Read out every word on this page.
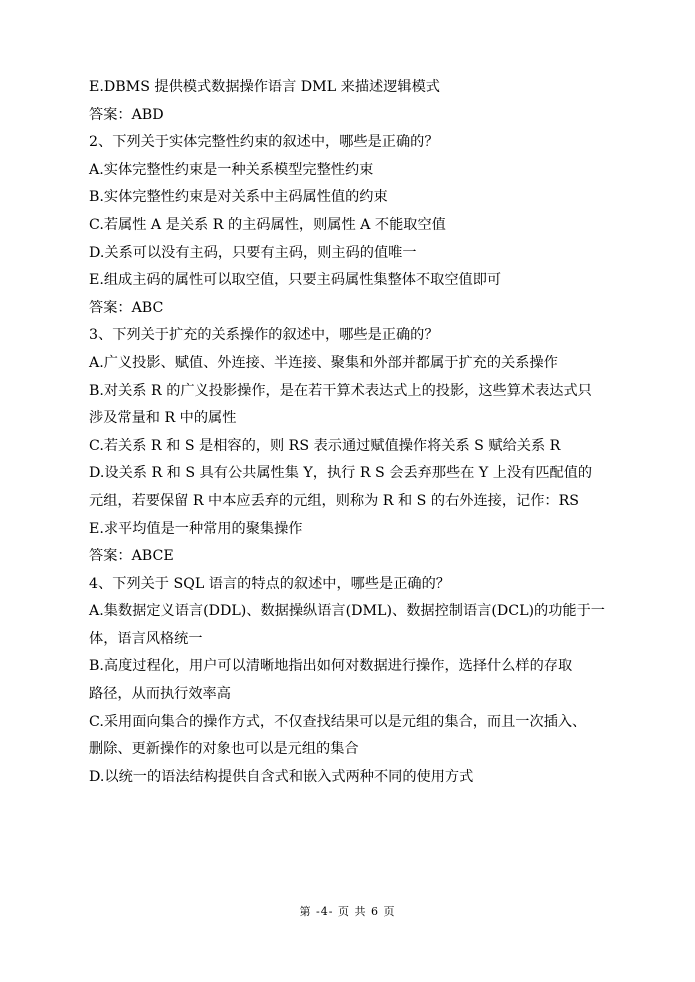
E.DBMS 提供模式数据操作语言 DML 来描述逻辑模式
答案：ABD
2、下列关于实体完整性约束的叙述中，哪些是正确的？
A.实体完整性约束是一种关系模型完整性约束
B.实体完整性约束是对关系中主码属性值的约束
C.若属性 A 是关系 R 的主码属性，则属性 A 不能取空值
D.关系可以没有主码，只要有主码，则主码的值唯一
E.组成主码的属性可以取空值，只要主码属性集整体不取空值即可
答案：ABC
3、下列关于扩充的关系操作的叙述中，哪些是正确的？
A.广义投影、赋值、外连接、半连接、聚集和外部并都属于扩充的关系操作
B.对关系 R 的广义投影操作，是在若干算术表达式上的投影，这些算术表达式只
涉及常量和 R 中的属性
C.若关系 R 和 S 是相容的，则 RS 表示通过赋值操作将关系 S 赋给关系 R
D.设关系 R 和 S 具有公共属性集 Y，执行 R S 会丢弃那些在 Y 上没有匹配值的
元组，若要保留 R 中本应丢弃的元组，则称为 R 和 S 的右外连接，记作：RS
E.求平均值是一种常用的聚集操作
答案：ABCE
4、下列关于 SQL 语言的特点的叙述中，哪些是正确的？
A.集数据定义语言(DDL)、数据操纵语言(DML)、数据控制语言(DCL)的功能于一
体，语言风格统一
B.高度过程化，用户可以清晰地指出如何对数据进行操作，选择什么样的存取
路径，从而执行效率高
C.采用面向集合的操作方式，不仅查找结果可以是元组的集合，而且一次插入、
删除、更新操作的对象也可以是元组的集合
D.以统一的语法结构提供自含式和嵌入式两种不同的使用方式
第 -4- 页 共 6 页
